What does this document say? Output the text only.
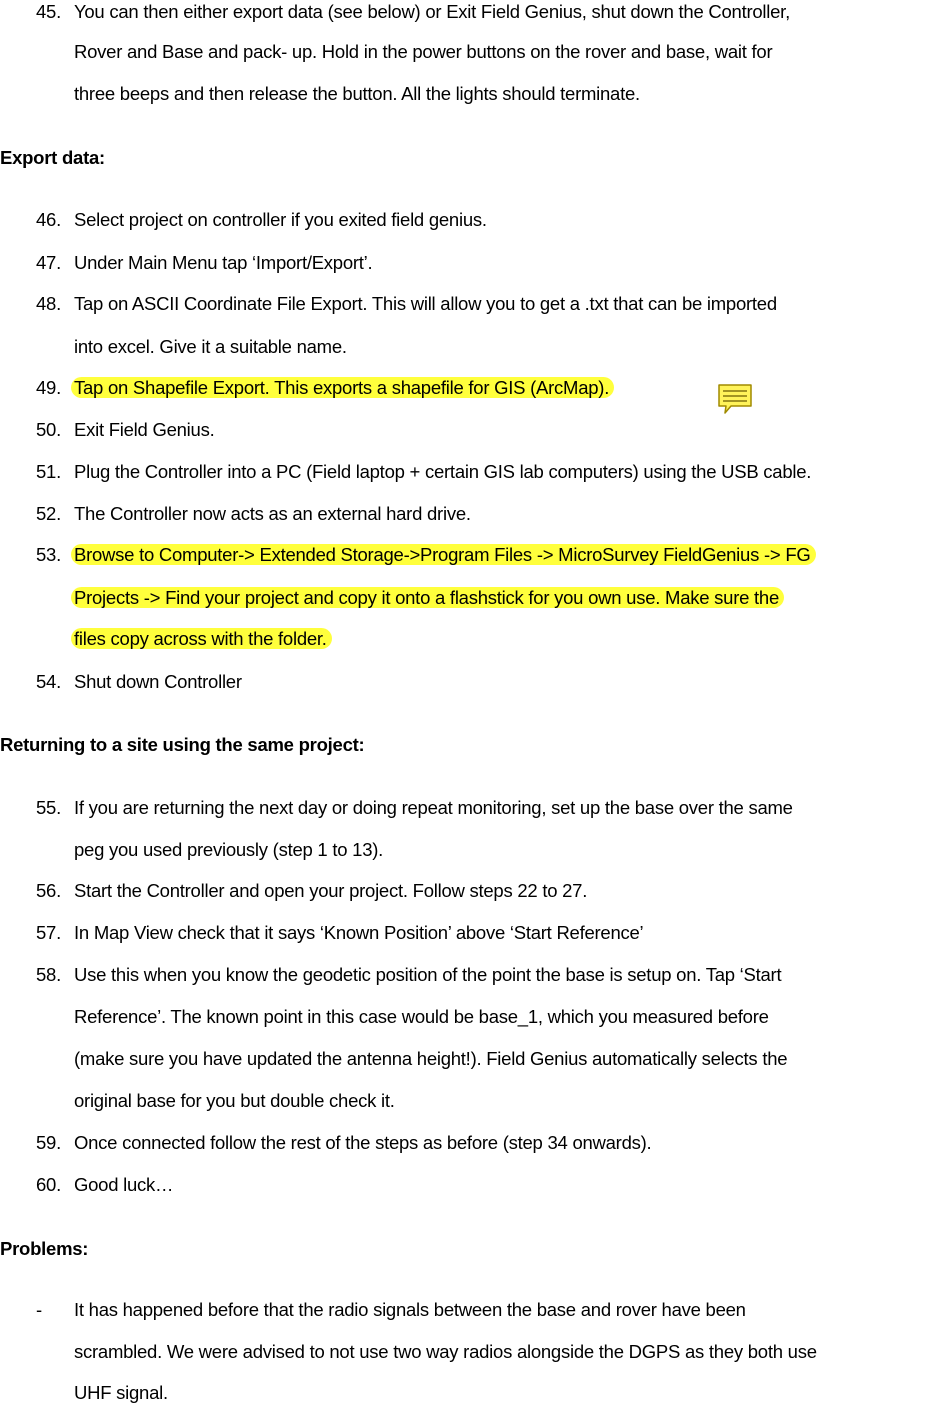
45. You can then either export data (see below) or Exit Field Genius, shut down the Controller,
Rover and Base and pack- up. Hold in the power buttons on the rover and base, wait for
three beeps and then release the button. All the lights should terminate.
Export data:
46. Select project on controller if you exited field genius.
47. Under Main Menu tap ‘Import/Export’.
48. Tap on ASCII Coordinate File Export. This will allow you to get a .txt that can be imported
into excel. Give it a suitable name.
49. Tap on Shapefile Export. This exports a shapefile for GIS (ArcMap).
50. Exit Field Genius.
51. Plug the Controller into a PC (Field laptop + certain GIS lab computers) using the USB cable.
52. The Controller now acts as an external hard drive.
53. Browse to Computer-> Extended Storage->Program Files -> MicroSurvey FieldGenius -> FG
Projects -> Find your project and copy it onto a flashstick for you own use. Make sure the
files copy across with the folder.
54. Shut down Controller
Returning to a site using the same project:
55. If you are returning the next day or doing repeat monitoring, set up the base over the same
peg you used previously (step 1 to 13).
56. Start the Controller and open your project. Follow steps 22 to 27.
57. In Map View check that it says ‘Known Position’ above ‘Start Reference’
58. Use this when you know the geodetic position of the point the base is setup on. Tap ‘Start
Reference’. The known point in this case would be base_1, which you measured before
(make sure you have updated the antenna height!). Field Genius automatically selects the
original base for you but double check it.
59. Once connected follow the rest of the steps as before (step 34 onwards).
60. Good luck…
Problems:
- It has happened before that the radio signals between the base and rover have been
scrambled. We were advised to not use two way radios alongside the DGPS as they both use
UHF signal.
